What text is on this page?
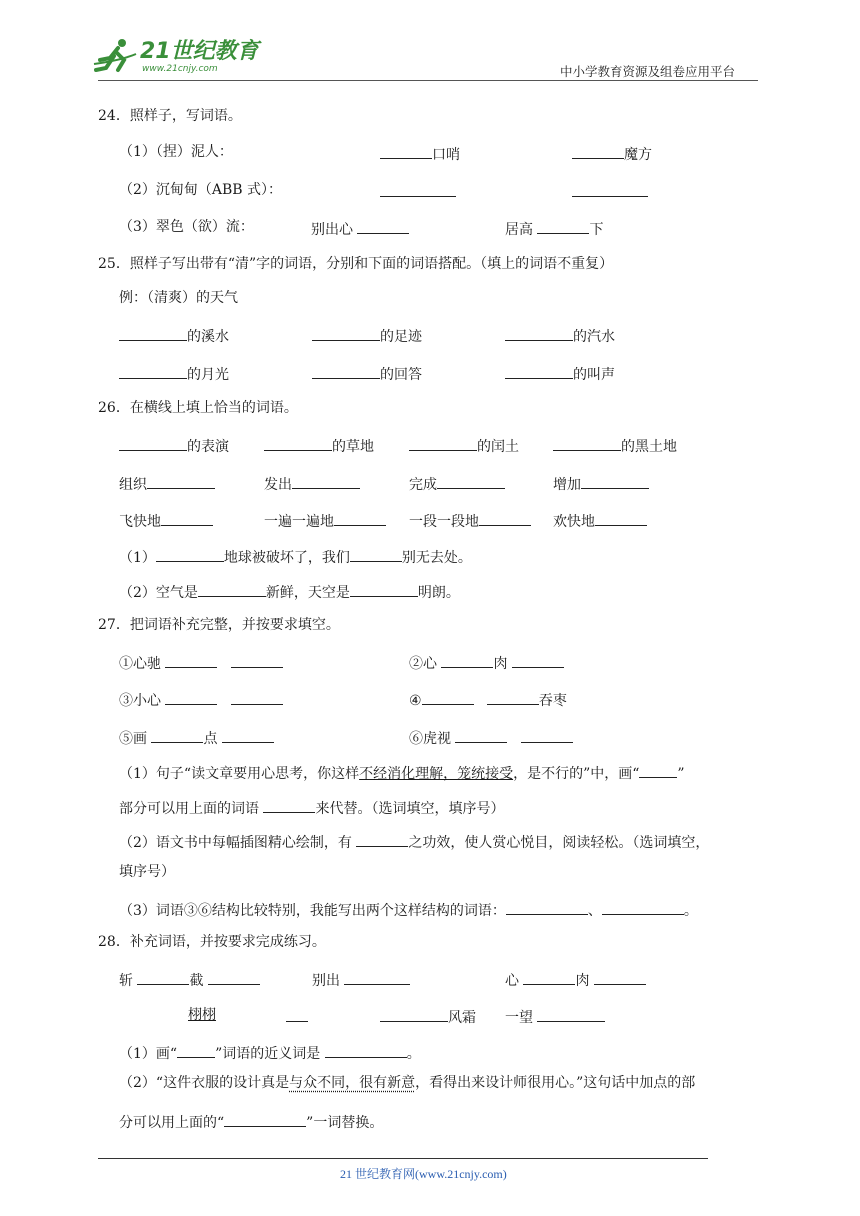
21世纪教育
www.21cnjy.com	中小学教育资源及组卷应用平台
24．照样子，写词语。
（1）（捏）泥人：	口哨	魔方
（2）沉甸甸（ABB 式）：
（3）翠色（欲）流：	别出心	居高	下
25．照样子写出带有“清”字的词语，分别和下面的词语搭配。（填上的词语不重复）
例：（清爽）的天气
的溪水	的足迹	的汽水
的月光	的回答	的叫声
26．在横线上填上恰当的词语。
的表演	的草地	的闰土	的黑土地
组织	发出	完成	增加
飞快地	一遍一遍地	一段一段地	欢快地
（1）	地球被破坏了，我们	别无去处。
（2）空气是	新鲜，天空是	明朗。
27．把词语补充完整，并按要求填空。
①心驰	②心	肉
③小心	④	吞枣
⑤画	点	⑥虎视
（1）句子“读文章要用心思考，你这样不经消化理解，笼统接受，是不行的”中，画“	”
部分可以用上面的词语	来代替。（选词填空，填序号）
（2）语文书中每幅插图精心绘制，有	之功效，使人赏心悦目，阅读轻松。（选词填空，
填序号）
（3）词语③⑥结构比较特别，我能写出两个这样结构的词语：	、	。
28．补充词语，并按要求完成练习。
斩	截	别出	心	肉
栩栩	风霜 一望
（1）画“	”词语的近义词是	。
（2）“这件衣服的设计真是与众不同，很有新意，看得出来设计师很用心。”这句话中加点的部
分可以用上面的“	”一词替换。
21 世纪教育网(www.21cnjy.com)
